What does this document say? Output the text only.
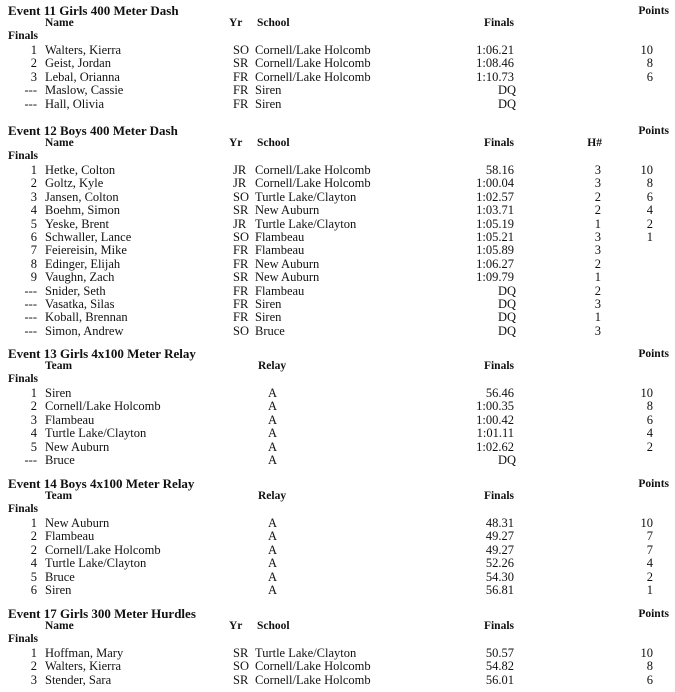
Event 11 Girls 400 Meter Dash
Name	Yr School	Finals
Points
Finals
1 Walters, Kierra	SO Cornell/Lake Holcomb	1:06.21	10
2 Geist, Jordan	SR Cornell/Lake Holcomb	1:08.46	8
3 Lebal, Orianna	FR Cornell/Lake Holcomb	1:10.73	6
--- Maslow, Cassie	FR Siren	DQ
--- Hall, Olivia	FR Siren	DQ
Event 12 Boys 400 Meter Dash
Name	Yr School	Finals	H#
Points
Finals
1 Hetke, Colton	JR Cornell/Lake Holcomb	58.16	3	10
2 Goltz, Kyle	JR Cornell/Lake Holcomb	1:00.04	3	8
3 Jansen, Colton	SO Turtle Lake/Clayton	1:02.57	2	6
4 Boehm, Simon	SR New Auburn	1:03.71	2	4
5 Yeske, Brent	JR Turtle Lake/Clayton	1:05.19	1	2
6 Schwaller, Lance	SO Flambeau	1:05.21	3	1
7 Feiereisin, Mike	FR Flambeau	1:05.89	3
8 Edinger, Elijah	FR New Auburn	1:06.27	2
9 Vaughn, Zach	SR New Auburn	1:09.79	1
--- Snider, Seth	FR Flambeau	DQ	2
--- Vasatka, Silas	FR Siren	DQ	3
--- Koball, Brennan	FR Siren	DQ	1
--- Simon, Andrew	SO Bruce	DQ	3
Event 13 Girls 4x100 Meter Relay
Team	Relay	Finals
Points
Finals
1 Siren	A	56.46	10
2 Cornell/Lake Holcomb	A	1:00.35	8
3 Flambeau	A	1:00.42	6
4 Turtle Lake/Clayton	A	1:01.11	4
5 New Auburn	A	1:02.62	2
--- Bruce	A	DQ
Event 14 Boys 4x100 Meter Relay
Team	Relay	Finals
Points
Finals
1 New Auburn	A	48.31	10
2 Flambeau	A	49.27	7
2 Cornell/Lake Holcomb	A	49.27	7
4 Turtle Lake/Clayton	A	52.26	4
5 Bruce	A	54.30	2
6 Siren	A	56.81	1
Event 17 Girls 300 Meter Hurdles
Name	Yr School	Finals
Points
Finals
1 Hoffman, Mary	SR Turtle Lake/Clayton	50.57	10
2 Walters, Kierra	SO Cornell/Lake Holcomb	54.82	8
3 Stender, Sara	SR Cornell/Lake Holcomb	56.01	6
